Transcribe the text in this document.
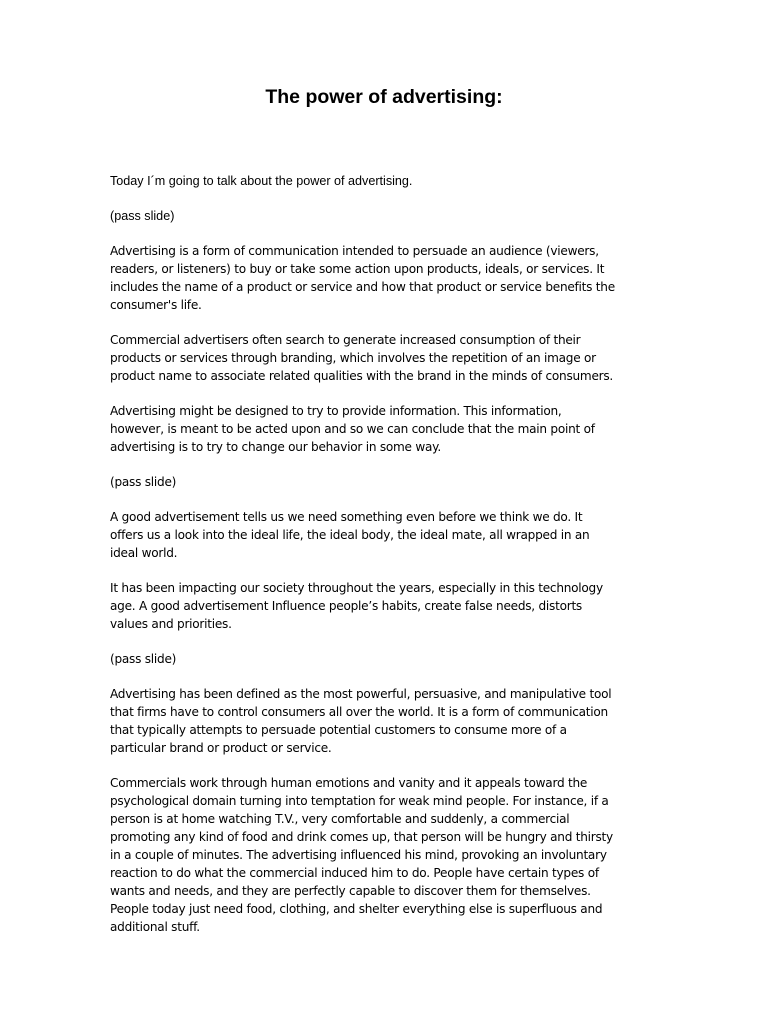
The power of advertising:

Today I´m going to talk about the power of advertising.

(pass slide)

Advertising is a form of communication intended to persuade an audience (viewers,
readers, or listeners) to buy or take some action upon products, ideals, or services. It
includes the name of a product or service and how that product or service benefits the
consumer's life.

Commercial advertisers often search to generate increased consumption of their
products or services through branding, which involves the repetition of an image or
product name to associate related qualities with the brand in the minds of consumers.

Advertising might be designed to try to provide information. This information,
however, is meant to be acted upon and so we can conclude that the main point of
advertising is to try to change our behavior in some way.

(pass slide)

A good advertisement tells us we need something even before we think we do. It
offers us a look into the ideal life, the ideal body, the ideal mate, all wrapped in an
ideal world.

It has been impacting our society throughout the years, especially in this technology
age. A good advertisement Influence people’s habits, create false needs, distorts
values and priorities.

(pass slide)

Advertising has been defined as the most powerful, persuasive, and manipulative tool
that firms have to control consumers all over the world. It is a form of communication
that typically attempts to persuade potential customers to consume more of a
particular brand or product or service.

Commercials work through human emotions and vanity and it appeals toward the
psychological domain turning into temptation for weak mind people. For instance, if a
person is at home watching T.V., very comfortable and suddenly, a commercial
promoting any kind of food and drink comes up, that person will be hungry and thirsty
in a couple of minutes. The advertising influenced his mind, provoking an involuntary
reaction to do what the commercial induced him to do. People have certain types of
wants and needs, and they are perfectly capable to discover them for themselves.
People today just need food, clothing, and shelter everything else is superfluous and
additional stuff.
